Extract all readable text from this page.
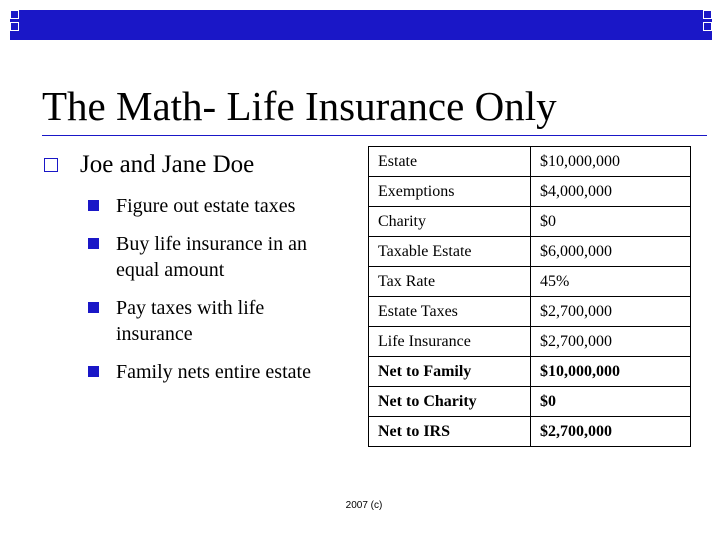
The Math- Life Insurance Only
Joe and Jane Doe
Figure out estate taxes
Buy life insurance in an equal amount
Pay taxes with life insurance
Family nets entire estate
Estate	$10,000,000
Exemptions	$4,000,000
Charity	$0
Taxable Estate	$6,000,000
Tax Rate	45%
Estate Taxes	$2,700,000
Life Insurance	$2,700,000
Net to Family	$10,000,000
Net to Charity	$0
Net to IRS	$2,700,000
2007 (c)
